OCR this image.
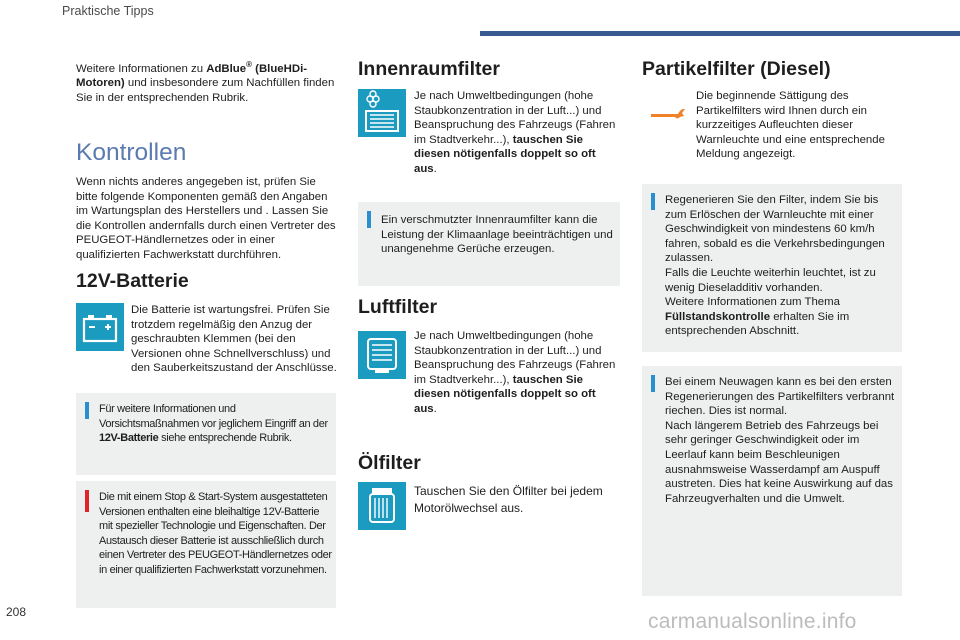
Praktische Tipps
Weitere Informationen zu AdBlue® (BlueHDi-Motoren) und insbesondere zum Nachfüllen finden Sie in der entsprechenden Rubrik.
Kontrollen
Wenn nichts anderes angegeben ist, prüfen Sie bitte folgende Komponenten gemäß den Angaben im Wartungsplan des Herstellers und . Lassen Sie die Kontrollen andernfalls durch einen Vertreter des PEUGEOT-Händlernetzes oder in einer qualifizierten Fachwerkstatt durchführen.
12V-Batterie
Die Batterie ist wartungsfrei. Prüfen Sie trotzdem regelmäßig den Anzug der geschraubten Klemmen (bei den Versionen ohne Schnellverschluss) und den Sauberkeitszustand der Anschlüsse.
Für weitere Informationen und Vorsichtsmaßnahmen vor jeglichem Eingriff an der 12V-Batterie siehe entsprechende Rubrik.
Die mit einem Stop & Start-System ausgestatteten Versionen enthalten eine bleihaltige 12V-Batterie mit spezieller Technologie und Eigenschaften. Der Austausch dieser Batterie ist ausschließlich durch einen Vertreter des PEUGEOT-Händlernetzes oder in einer qualifizierten Fachwerkstatt vorzunehmen.
Innenraumfilter
Je nach Umweltbedingungen (hohe Staubkonzentration in der Luft...) und Beanspruchung des Fahrzeugs (Fahren im Stadtverkehr...), tauschen Sie diesen nötigenfalls doppelt so oft aus.
Ein verschmutzter Innenraumfilter kann die Leistung der Klimaanlage beeinträchtigen und unangenehme Gerüche erzeugen.
Luftfilter
Je nach Umweltbedingungen (hohe Staubkonzentration in der Luft...) und Beanspruchung des Fahrzeugs (Fahren im Stadtverkehr...), tauschen Sie diesen nötigenfalls doppelt so oft aus.
Ölfilter
Tauschen Sie den Ölfilter bei jedem Motorölwechsel aus.
Partikelfilter (Diesel)
Die beginnende Sättigung des Partikelfilters wird Ihnen durch ein kurzzeitiges Aufleuchten dieser Warnleuchte und eine entsprechende Meldung angezeigt.
Regenerieren Sie den Filter, indem Sie bis zum Erlöschen der Warnleuchte mit einer Geschwindigkeit von mindestens 60 km/h fahren, sobald es die Verkehrsbedingungen zulassen.
Falls die Leuchte weiterhin leuchtet, ist zu wenig Dieseladditiv vorhanden.
Weitere Informationen zum Thema Füllstandskontrolle erhalten Sie im entsprechenden Abschnitt.
Bei einem Neuwagen kann es bei den ersten Regenerierungen des Partikelfilters verbrannt riechen. Dies ist normal.
Nach längerem Betrieb des Fahrzeugs bei sehr geringer Geschwindigkeit oder im Leerlauf kann beim Beschleunigen ausnahmsweise Wasserdampf am Auspuff austreten. Dies hat keine Auswirkung auf das Fahrzeugverhalten und die Umwelt.
208	carmanualsonline.info
